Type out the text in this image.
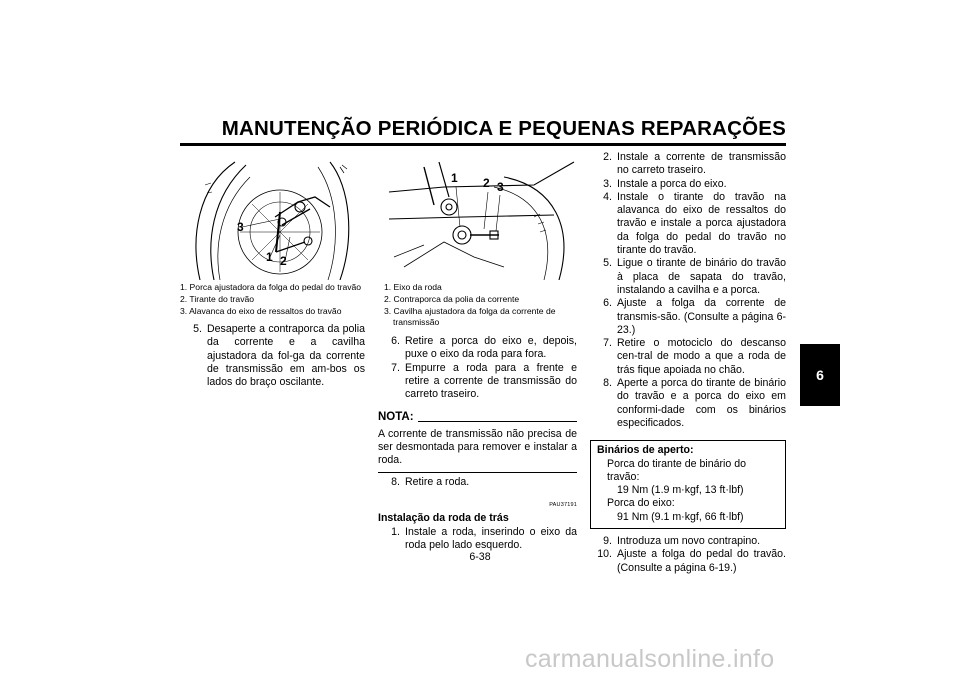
MANUTENÇÃO PERIÓDICA E PEQUENAS REPARAÇÕES
6
3
1 2
1. Porca ajustadora da folga do pedal do travão
2. Tirante do travão
3. Alavanca do eixo de ressaltos do travão
1 2 3
1. Eixo da roda
2. Contraporca da polia da corrente
3. Cavilha ajustadora da folga da corrente de transmissão
5. Desaperte a contraporca da polia da corrente e a cavilha ajustadora da fol-ga da corrente de transmissão em am-bos os lados do braço oscilante.
6. Retire a porca do eixo e, depois, puxe o eixo da roda para fora.
7. Empurre a roda para a frente e retire a corrente de transmissão do carreto traseiro.
NOTA:
A corrente de transmissão não precisa de ser desmontada para remover e instalar a roda.
8. Retire a roda.
PAU37191
Instalação da roda de trás
1. Instale a roda, inserindo o eixo da roda pelo lado esquerdo.
2. Instale a corrente de transmissão no carreto traseiro.
3. Instale a porca do eixo.
4. Instale o tirante do travão na alavanca do eixo de ressaltos do travão e instale a porca ajustadora da folga do pedal do travão no tirante do travão.
5. Ligue o tirante de binário do travão à placa de sapata do travão, instalando a cavilha e a porca.
6. Ajuste a folga da corrente de transmis-são. (Consulte a página 6-23.)
7. Retire o motociclo do descanso cen-tral de modo a que a roda de trás fique apoiada no chão.
8. Aperte a porca do tirante de binário do travão e a porca do eixo em conformi-dade com os binários especificados.
Binários de aperto:
Porca do tirante de binário do travão:
19 Nm (1.9 m·kgf, 13 ft·lbf)
Porca do eixo:
91 Nm (9.1 m·kgf, 66 ft·lbf)
9. Introduza um novo contrapino.
10. Ajuste a folga do pedal do travão. (Consulte a página 6-19.)
6-38
carmanualsonline.info
